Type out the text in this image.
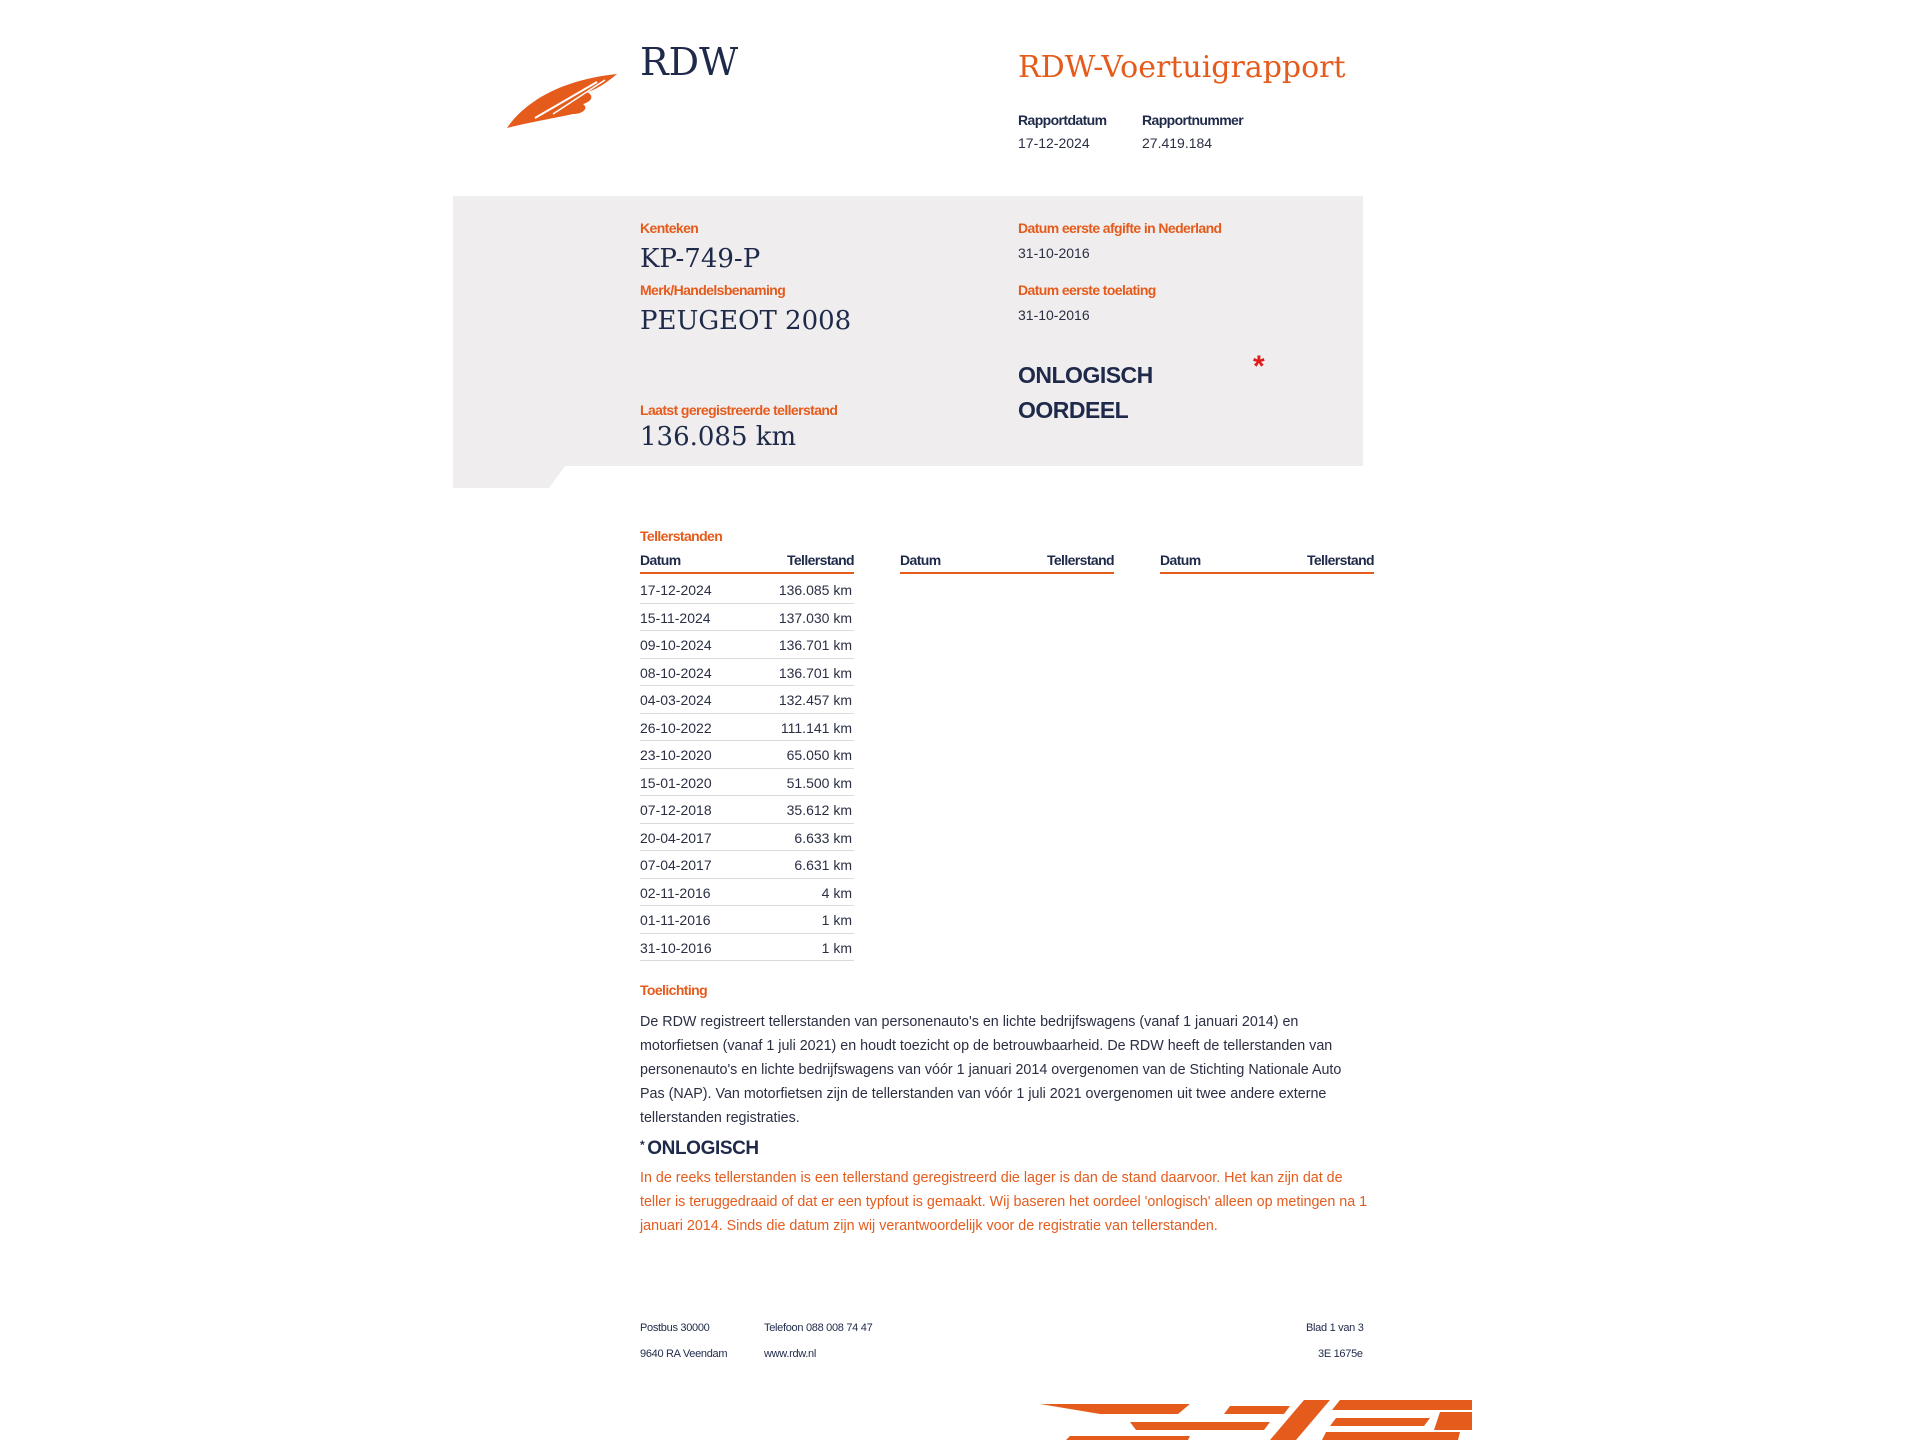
RDW	RDW-Voertuigrapport
Rapportdatum	Rapportnummer
17-12-2024	27.419.184
Kenteken
KP-749-P
Merk/Handelsbenaming
PEUGEOT 2008
Laatst geregistreerde tellerstand
136.085 km
Datum eerste afgifte in Nederland
31-10-2016
Datum eerste toelating
31-10-2016
ONLOGISCH
OORDEEL
*
Tellerstanden
Datum	Tellerstand	Datum	Tellerstand	Datum	Tellerstand
17-12-2024	136.085 km
15-11-2024	137.030 km
09-10-2024	136.701 km
08-10-2024	136.701 km
04-03-2024	132.457 km
26-10-2022	111.141 km
23-10-2020	65.050 km
15-01-2020	51.500 km
07-12-2018	35.612 km
20-04-2017	6.633 km
07-04-2017	6.631 km
02-11-2016	4 km
01-11-2016	1 km
31-10-2016	1 km
Toelichting
De RDW registreert tellerstanden van personenauto's en lichte bedrijfswagens (vanaf 1 januari 2014) en motorfietsen (vanaf 1 juli 2021) en houdt toezicht op de betrouwbaarheid. De RDW heeft de tellerstanden van personenauto's en lichte bedrijfswagens van vóór 1 januari 2014 overgenomen van de Stichting Nationale Auto Pas (NAP). Van motorfietsen zijn de tellerstanden van vóór 1 juli 2021 overgenomen uit twee andere externe tellerstanden registraties.
* ONLOGISCH
In de reeks tellerstanden is een tellerstand geregistreerd die lager is dan de stand daarvoor. Het kan zijn dat de teller is teruggedraaid of dat er een typfout is gemaakt. Wij baseren het oordeel 'onlogisch' alleen op metingen na 1 januari 2014. Sinds die datum zijn wij verantwoordelijk voor de registratie van tellerstanden.
Postbus 30000
9640 RA Veendam
Telefoon 088 008 74 47
www.rdw.nl
Blad 1 van 3
3E 1675e
